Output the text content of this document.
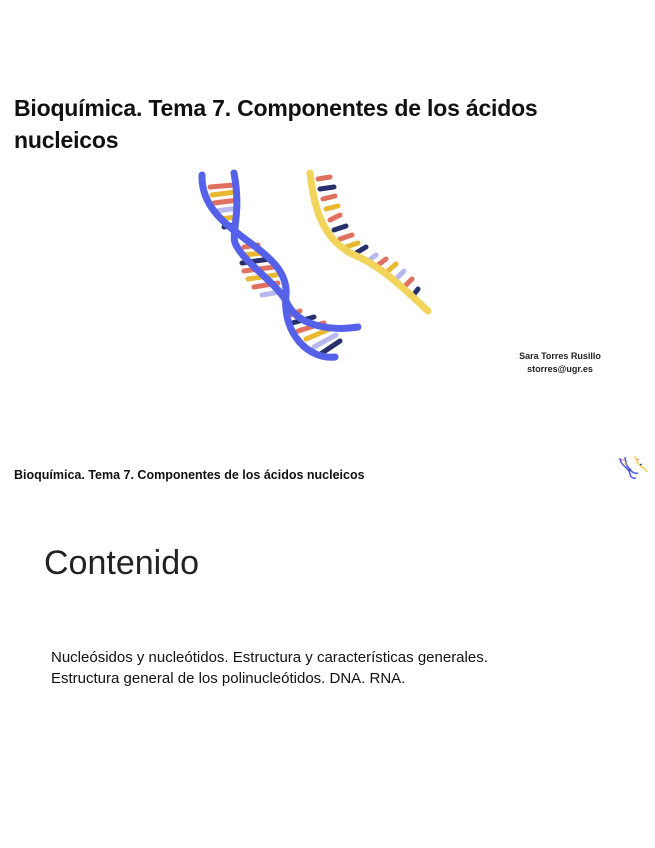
Bioquímica. Tema 7. Componentes de los ácidos nucleicos
Sara Torres Rusillo
storres@ugr.es
Bioquímica. Tema 7. Componentes de los ácidos nucleicos
Contenido
Nucleósidos y nucleótidos. Estructura y características generales.
Estructura general de los polinucleótidos. DNA. RNA.
